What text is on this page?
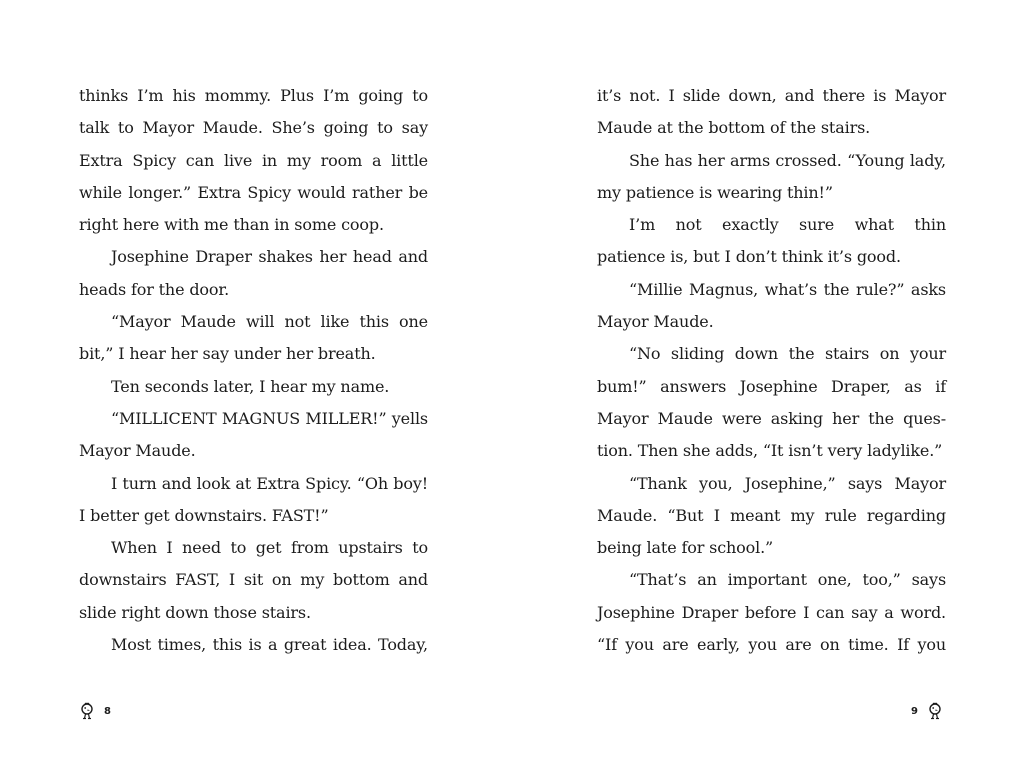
thinks I’m his mommy. Plus I’m going to
talk to Mayor Maude. She’s going to say
Extra Spicy can live in my room a little
while longer.” Extra Spicy would rather be
right here with me than in some coop.
Josephine Draper shakes her head and
heads for the door.
“Mayor Maude will not like this one
bit,” I hear her say under her breath.
Ten seconds later, I hear my name.
“MILLICENT MAGNUS MILLER!” yells
Mayor Maude.
I turn and look at Extra Spicy. “Oh boy!
I better get downstairs. FAST!”
When I need to get from upstairs to
downstairs FAST, I sit on my bottom and
slide right down those stairs.
Most times, this is a great idea. Today,
it’s not. I slide down, and there is Mayor
Maude at the bottom of the stairs.
She has her arms crossed. “Young lady,
my patience is wearing thin!”
I’m not exactly sure what thin
patience is, but I don’t think it’s good.
“Millie Magnus, what’s the rule?” asks
Mayor Maude.
“No sliding down the stairs on your
bum!” answers Josephine Draper, as if
Mayor Maude were asking her the ques-
tion. Then she adds, “It isn’t very ladylike.”
“Thank you, Josephine,” says Mayor
Maude. “But I meant my rule regarding
being late for school.”
“That’s an important one, too,” says
Josephine Draper before I can say a word.
“If you are early, you are on time. If you
8	9
